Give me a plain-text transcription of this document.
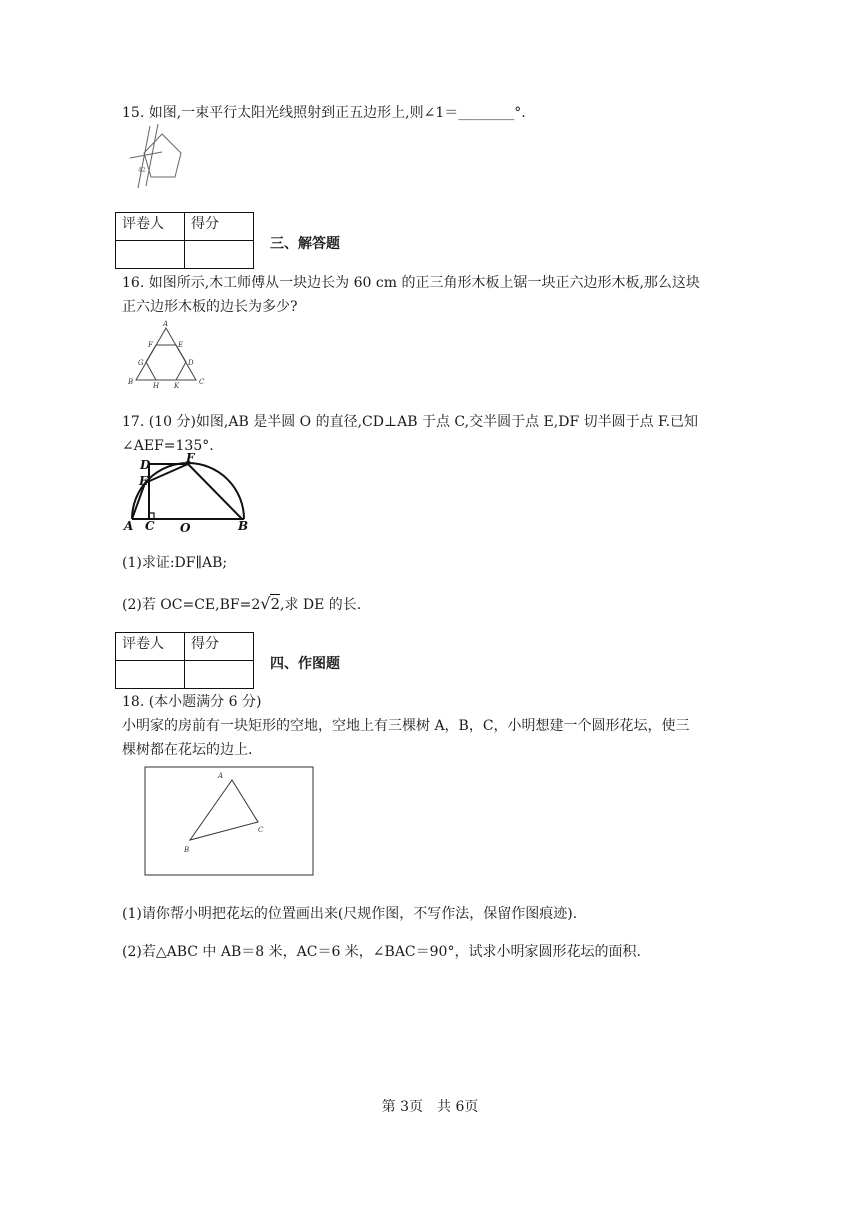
15. 如图,一束平行太阳光线照射到正五边形上,则∠1＝________°.
42
评卷人	得分

三、解答题
16. 如图所示,木工师傅从一块边长为 60 cm 的正三角形木板上锯一块正六边形木板,那么这块
正六边形木板的边长为多少?
A
F	E
G	D
B	H K	C
17. (10 分)如图,AB 是半圆 O 的直径,CD⊥AB 于点 C,交半圆于点 E,DF 切半圆于点 F.已知
∠AEF=135°.
D	F
E
A C O	B
(1)求证:DF∥AB;
(2)若 OC=CE,BF=2√2,求 DE 的长.
评卷人	得分

四、作图题
18. (本小题满分 6 分)
小明家的房前有一块矩形的空地，空地上有三棵树 A，B，C，小明想建一个圆形花坛，使三
棵树都在花坛的边上.
A
B
C
(1)请你帮小明把花坛的位置画出来(尺规作图，不写作法，保留作图痕迹).
(2)若△ABC 中 AB＝8 米，AC＝6 米，∠BAC＝90°，试求小明家圆形花坛的面积.
第 3页　共 6页
